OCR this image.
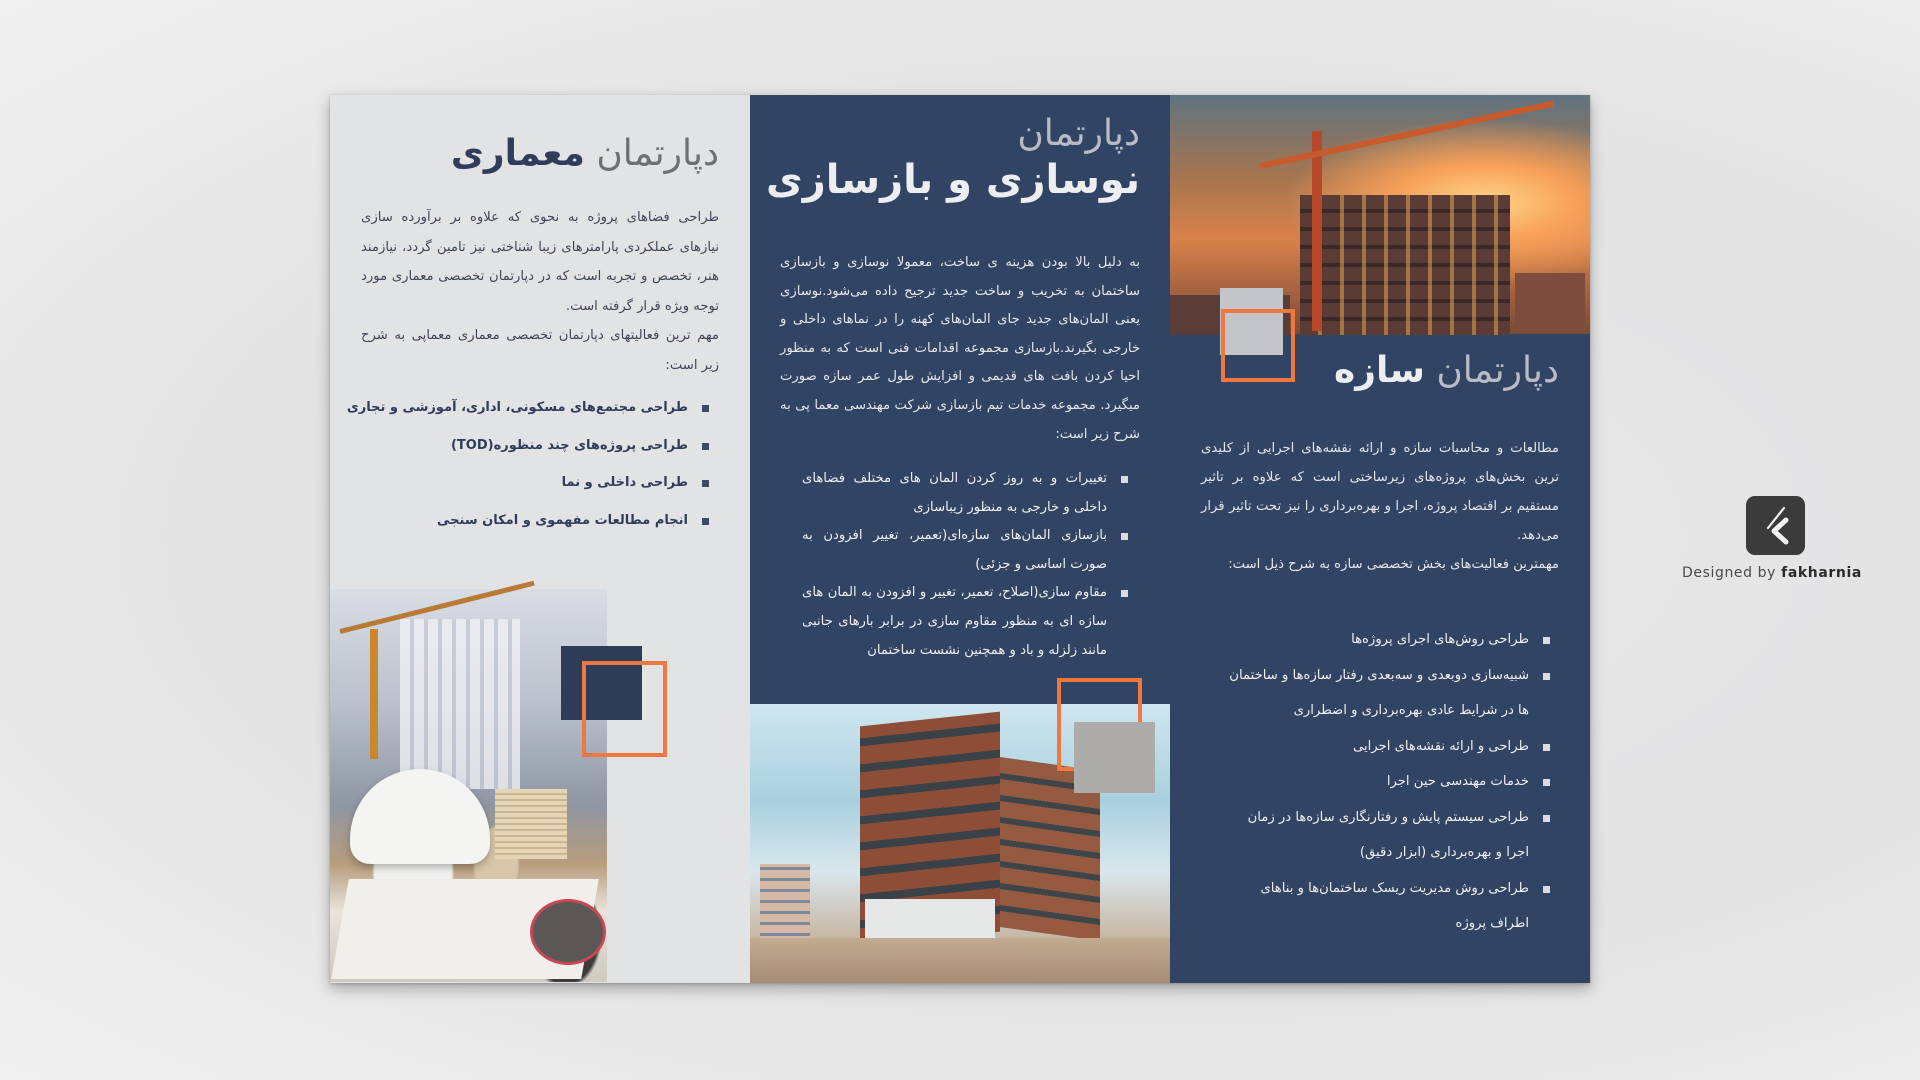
دپارتمان معماری
طراحی فضاهای پروژه به نحوی که علاوه بر برآورده سازی نیازهای عملکردی پارامترهای زیبا شناختی نیز تامین گردد، نیازمند هنر، تخصص و تجربه است که در دپارتمان تخصصی معماری مورد توجه ویژه قرار گرفته است.
مهم ترین فعالیتهای دپارتمان تخصصی معماری معماپی به شرح زیر است:
طراحی مجتمع‌های مسکونی، اداری، آموزشی و تجاری
طراحی پروژه‌های چند منظوره(TOD)
طراحی داخلی و نما
انجام مطالعات مفهموی و امکان سنجی
دپارتمان
نوسازی و بازسازی
به دلیل بالا بودن هزینه ی ساخت، معمولا نوسازی و بازسازی ساختمان به تخریب و ساخت جدید ترجیح داده می‌شود.نوسازی یعنی المان‌های جدید جای المان‌های کهنه را در نماهای داخلی و خارجی بگیرند.بازسازی مجموعه اقدامات فنی است که به منظور احیا کردن بافت های قدیمی و افزایش طول عمر سازه صورت میگیرد. مجموعه خدمات تیم بازسازی شرکت مهندسی معما پی به شرح زیر است:
تغییرات و به روز کردن المان های مختلف فضاهای داخلی و خارجی به منظور زیباسازی
بازسازی المان‌های سازه‌ای(تعمیر، تغییر افزودن به صورت اساسی و جزئی)
مقاوم سازی(اصلاح، تعمیر، تغییر و افزودن به المان های سازه ای به منظور مقاوم سازی در برابر بارهای جانبی مانند زلزله و باد و همچنین نشست ساختمان
دپارتمان سازه
مطالعات و محاسبات سازه و ارائه نقشه‌های اجرایی از کلیدی ترین بخش‌های پروژه‌های زیرساختی است که علاوه بر تاثیر مستقیم بر اقتصاد پروژه، اجرا و بهره‌برداری را نیز تحت تاثیر قرار می‌دهد.
مهمترین فعالیت‌های بخش تخصصی سازه به شرح ذیل است:
طراحی روش‌های اجرای پروژه‌ها
شبیه‌سازی دوبعدی و سه‌بعدی رفتار سازه‌ها و ساختمان ها در شرایط عادی بهره‌برداری و اضطراری
طراحی و ارائه نقشه‌های اجرایی
خدمات مهندسی حین اجرا
طراحی سیستم پایش و رفتارنگاری سازه‌ها در زمان اجرا و بهره‌برداری (ابزار دقیق)
طراحی روش مدیریت ریسک ساختمان‌ها و بناهای اطراف پروژه
Designed by fakharnia
